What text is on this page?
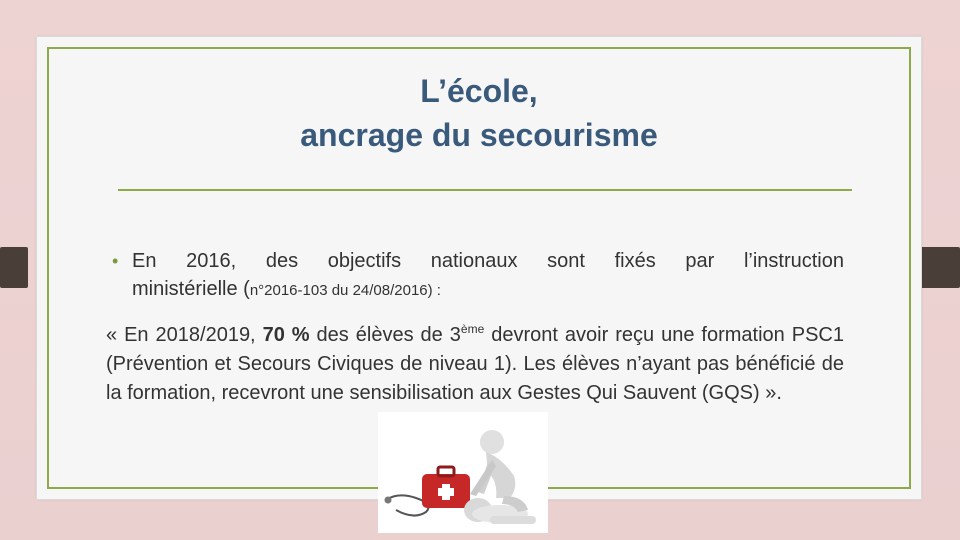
L’école,
ancrage du secourisme
• En 2016, des objectifs nationaux sont fixés par l’instruction
ministérielle (n°2016-103 du 24/08/2016) :
« En 2018/2019, 70 % des élèves de 3ème devront avoir reçu une formation PSC1 (Prévention et Secours Civiques de niveau 1). Les élèves n’ayant pas bénéficié de la formation, recevront une sensibilisation aux Gestes Qui Sauvent (GQS) ».
+
